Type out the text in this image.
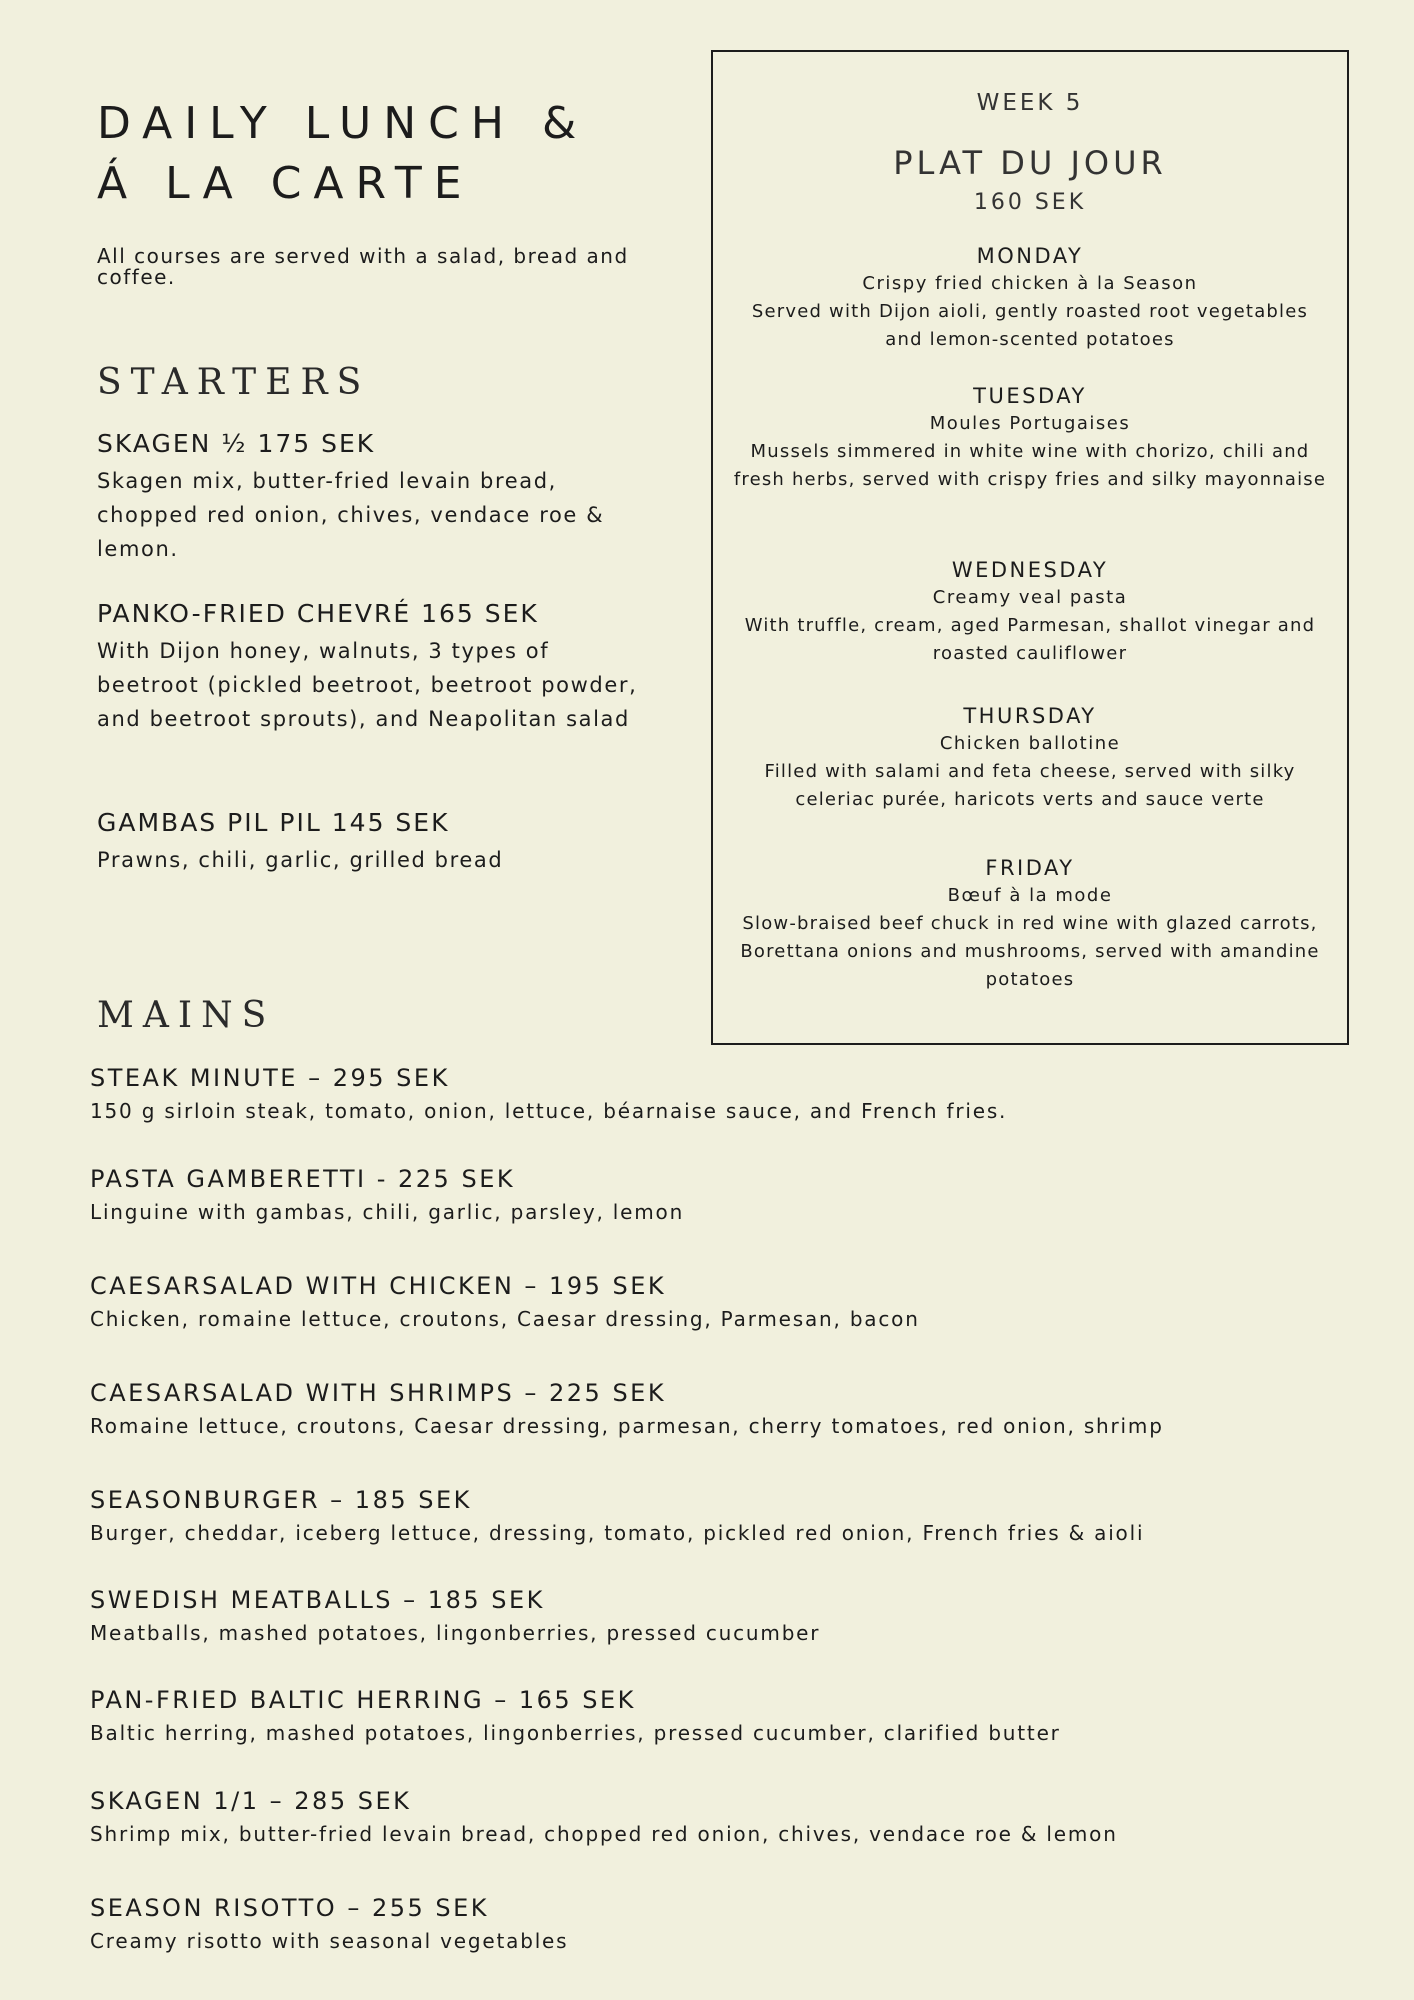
DAILY LUNCH &
Á LA CARTE
All courses are served with a salad, bread and coffee.
STARTERS
SKAGEN ½ 175 SEK
Skagen mix, butter-fried levain bread, chopped red onion, chives, vendace roe & lemon.
PANKO-FRIED CHEVRÉ 165 SEK
With Dijon honey, walnuts, 3 types of beetroot (pickled beetroot, beetroot powder, and beetroot sprouts), and Neapolitan salad
GAMBAS PIL PIL 145 SEK
Prawns, chili, garlic, grilled bread
WEEK 5
PLAT DU JOUR
160 SEK
MONDAY
Crispy fried chicken à la Season
Served with Dijon aioli, gently roasted root vegetables and lemon-scented potatoes
TUESDAY
Moules Portugaises
Mussels simmered in white wine with chorizo, chili and fresh herbs, served with crispy fries and silky mayonnaise
WEDNESDAY
Creamy veal pasta
With truffle, cream, aged Parmesan, shallot vinegar and roasted cauliflower
THURSDAY
Chicken ballotine
Filled with salami and feta cheese, served with silky celeriac purée, haricots verts and sauce verte
FRIDAY
Bœuf à la mode
Slow-braised beef chuck in red wine with glazed carrots, Borettana onions and mushrooms, served with amandine potatoes
MAINS
STEAK MINUTE – 295 SEK
150 g sirloin steak, tomato, onion, lettuce, béarnaise sauce, and French fries.
PASTA GAMBERETTI - 225 SEK
Linguine with gambas, chili, garlic, parsley, lemon
CAESARSALAD WITH CHICKEN – 195 SEK
Chicken, romaine lettuce, croutons, Caesar dressing, Parmesan, bacon
CAESARSALAD WITH SHRIMPS – 225 SEK
Romaine lettuce, croutons, Caesar dressing, parmesan, cherry tomatoes, red onion, shrimp
SEASONBURGER – 185 SEK
Burger, cheddar, iceberg lettuce, dressing, tomato, pickled red onion, French fries & aioli
SWEDISH MEATBALLS – 185 SEK
Meatballs, mashed potatoes, lingonberries, pressed cucumber
PAN-FRIED BALTIC HERRING – 165 SEK
Baltic herring, mashed potatoes, lingonberries, pressed cucumber, clarified butter
SKAGEN 1/1 – 285 SEK
Shrimp mix, butter-fried levain bread, chopped red onion, chives, vendace roe & lemon
SEASON RISOTTO – 255 SEK
Creamy risotto with seasonal vegetables
